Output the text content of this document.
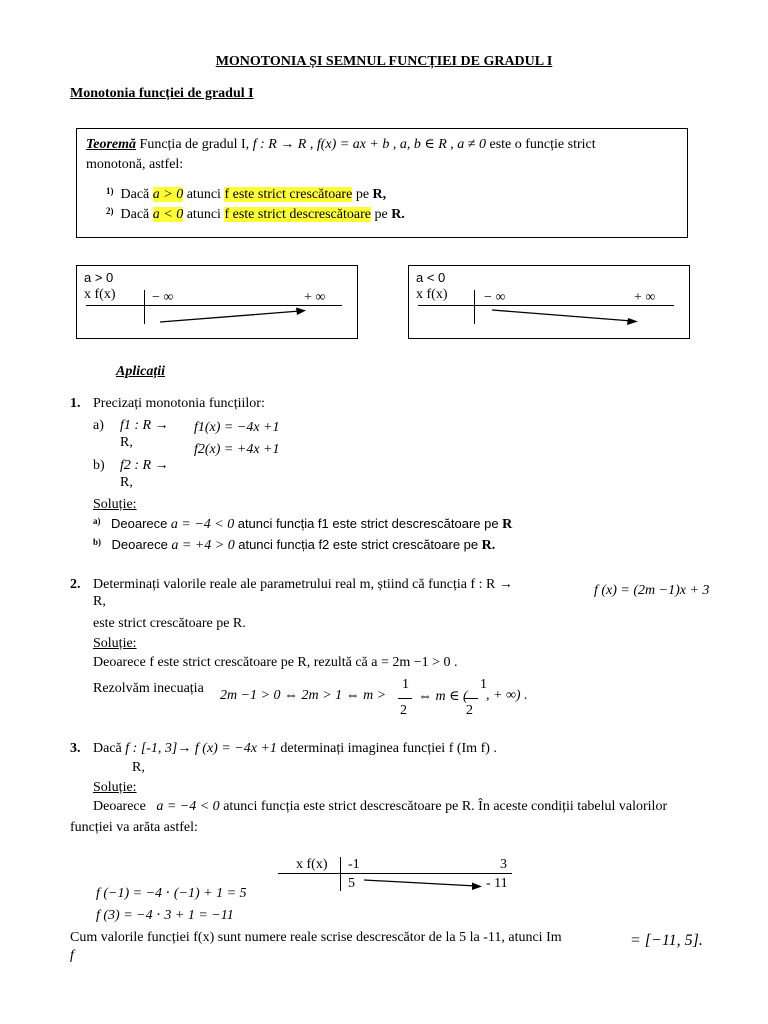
MONOTONIA ȘI SEMNUL FUNCȚIEI DE GRADUL I
Monotonia funcției de gradul I
Teoremă Funcția de gradul I, f : R → R , f(x) = ax + b , a, b ∈ R , a ≠ 0 este o funcție strict
monotonă, astfel:
$^{1)}$ Dacă a > 0 atunci f este strict crescătoare pe R,
$^{2)}$ Dacă a < 0 atunci f este strict descrescătoare pe R.
a > 0
x f(x)	− ∞	+ ∞
a < 0
x f(x)	− ∞	+ ∞
Aplicații
1. Precizați monotonia funcțiilor:
a) f1 : R →
R,
f1(x) = −4x +1
f2(x) = +4x +1
b) f2 : R →
R,
Soluție:
$^{a)}$ Deoarece a = −4 < 0 atunci funcția f1 este strict descrescătoare pe R
$^{b)}$ Deoarece a = +4 > 0 atunci funcția f2 este strict crescătoare pe R.
2. Determinați valorile reale ale parametrului real m, știind că funcția f : R →	f (x) = (2m −1)x + 3
R,
este strict crescătoare pe R.
Soluție:
Deoarece f este strict crescătoare pe R, rezultă că a = 2m −1 > 0 .
Rezolvăm inecuația 2m −1 > 0 ⇔ 2m > 1 ⇔ m >
1
2
⇔ m ∈ (
1
2
, + ∞) .
3. Dacă f : [-1, 3]→ f (x) = −4x +1 determinați imaginea funcției f (Im f) .
R,
Soluție:
Deoarece a = −4 < 0 atunci funcția este strict descrescătoare pe R. În aceste condiții tabelul valorilor
funcției va arăta astfel:
x f(x) -1	3
5	- 11
f (−1) = −4 ⋅ (−1) + 1 = 5
f (3) = −4 ⋅ 3 + 1 = −11
Cum valorile funcției f(x) sunt numere reale scrise descrescător de la 5 la -11, atunci Im
f
= [−11, 5].
